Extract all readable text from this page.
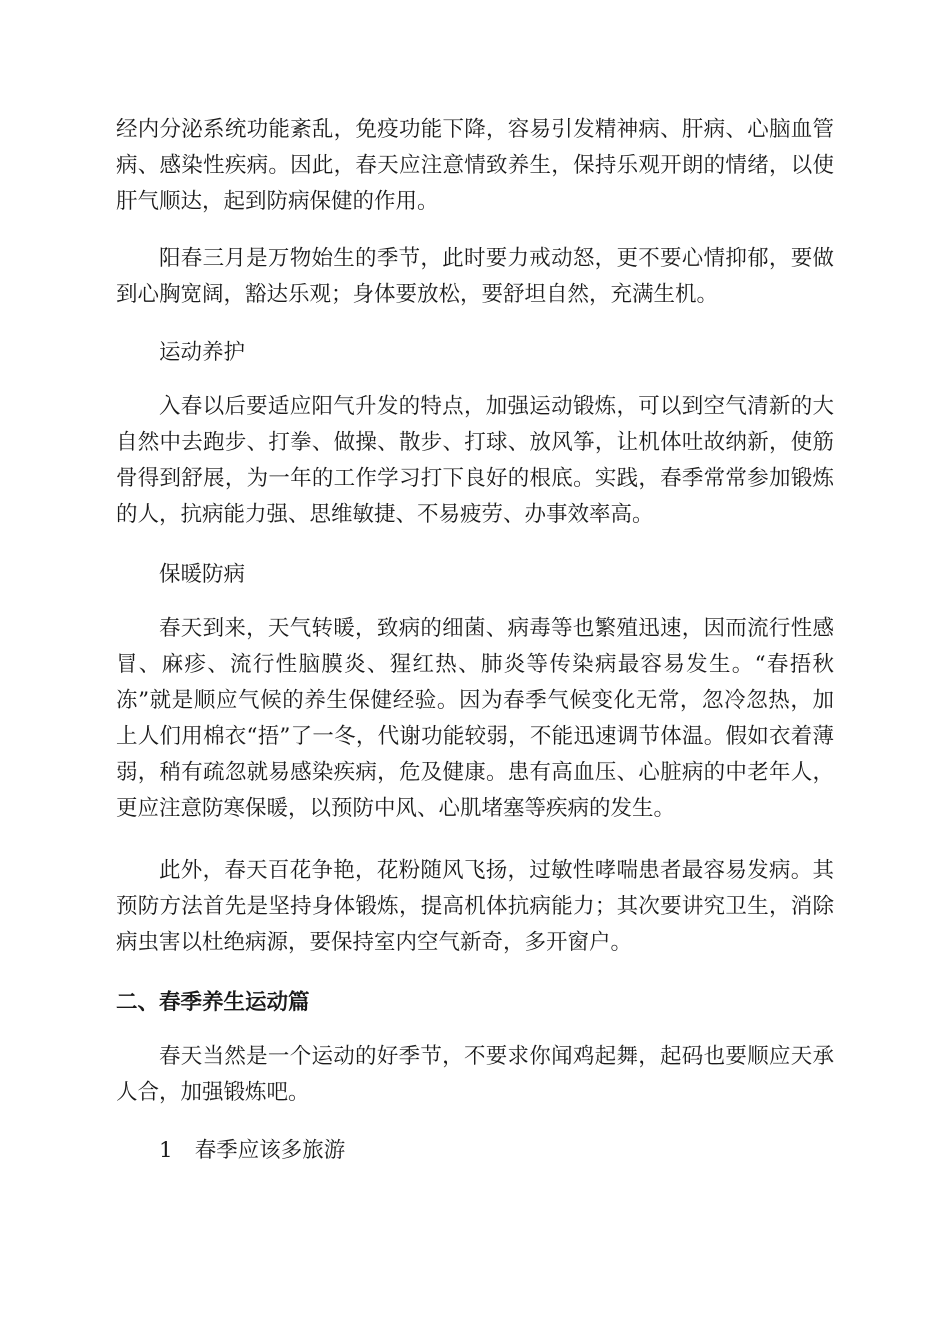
经内分泌系统功能紊乱，免疫功能下降，容易引发精神病、肝病、心脑血管病、感染性疾病。因此，春天应注意情致养生，保持乐观开朗的情绪，以使肝气顺达，起到防病保健的作用。

阳春三月是万物始生的季节，此时要力戒动怒，更不要心情抑郁，要做到心胸宽阔，豁达乐观；身体要放松，要舒坦自然，充满生机。

运动养护

入春以后要适应阳气升发的特点，加强运动锻炼，可以到空气清新的大自然中去跑步、打拳、做操、散步、打球、放风筝，让机体吐故纳新，使筋骨得到舒展，为一年的工作学习打下良好的根底。实践，春季常常参加锻炼的人，抗病能力强、思维敏捷、不易疲劳、办事效率高。

保暖防病

春天到来，天气转暖，致病的细菌、病毒等也繁殖迅速，因而流行性感冒、麻疹、流行性脑膜炎、猩红热、肺炎等传染病最容易发生。“春捂秋冻”就是顺应气候的养生保健经验。因为春季气候变化无常，忽冷忽热，加上人们用棉衣“捂”了一冬，代谢功能较弱，不能迅速调节体温。假如衣着薄弱，稍有疏忽就易感染疾病，危及健康。患有高血压、心脏病的中老年人，更应注意防寒保暖，以预防中风、心肌堵塞等疾病的发生。

此外，春天百花争艳，花粉随风飞扬，过敏性哮喘患者最容易发病。其预防方法首先是坚持身体锻炼，提高机体抗病能力；其次要讲究卫生，消除病虫害以杜绝病源，要保持室内空气新奇，多开窗户。

二、春季养生运动篇

春天当然是一个运动的好季节，不要求你闻鸡起舞，起码也要顺应天承人合，加强锻炼吧。

1 春季应该多旅游
